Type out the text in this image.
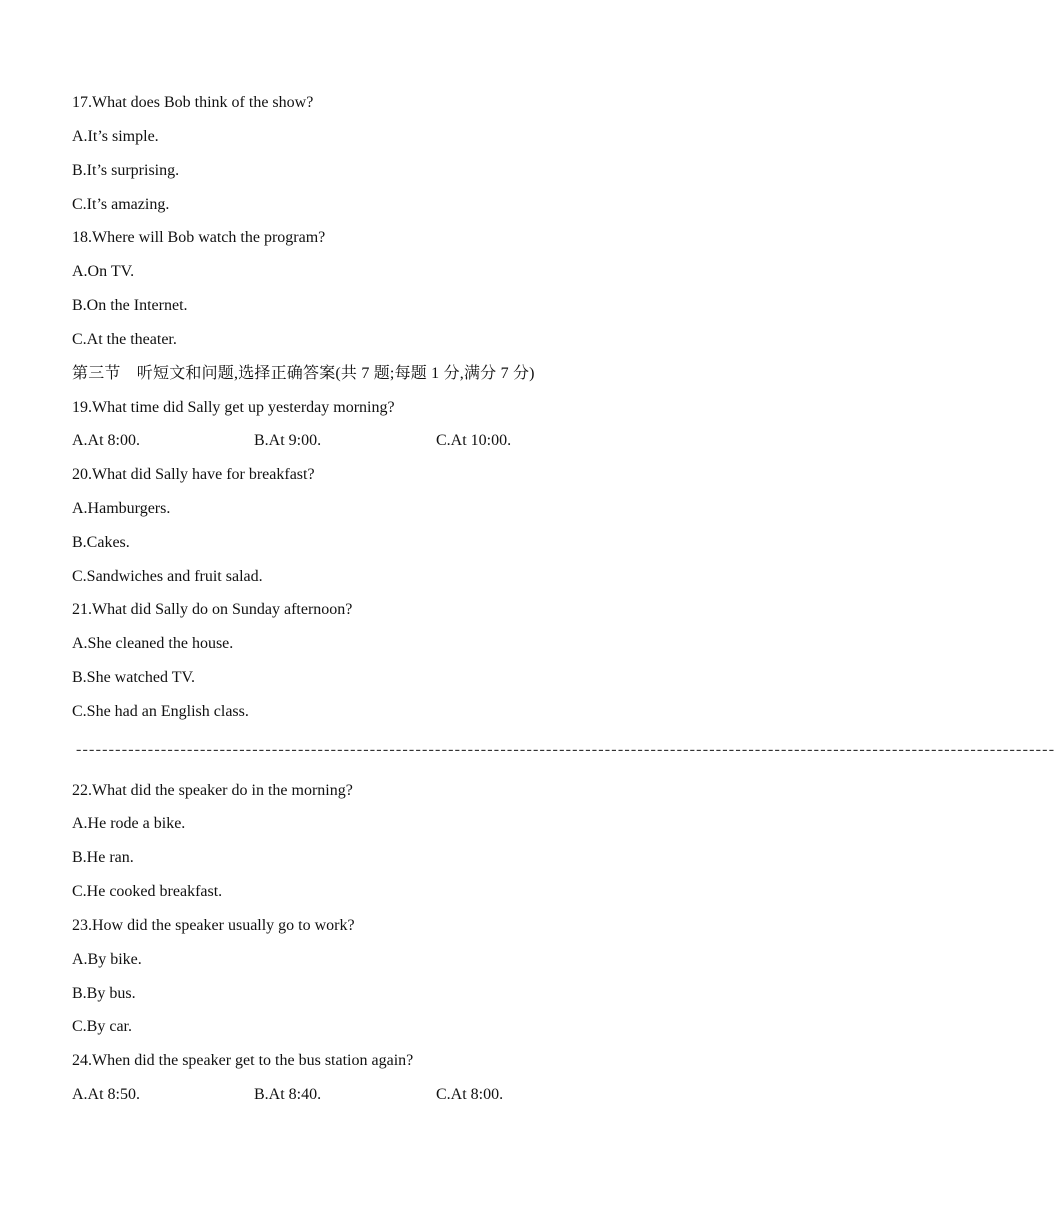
17.What does Bob think of the show?
A.It’s simple.
B.It’s surprising.
C.It’s amazing.
18.Where will Bob watch the program?
A.On TV.
B.On the Internet.
C.At the theater.
第三节　听短文和问题,选择正确答案(共 7 题;每题 1 分,满分 7 分)
19.What time did Sally get up yesterday morning?
A.At 8:00.	B.At 9:00.	C.At 10:00.
20.What did Sally have for breakfast?
A.Hamburgers.
B.Cakes.
C.Sandwiches and fruit salad.
21.What did Sally do on Sunday afternoon?
A.She cleaned the house.
B.She watched TV.
C.She had an English class.
------------------------------------------------------------------------------------------------------------------------------------------------------
22.What did the speaker do in the morning?
A.He rode a bike.
B.He ran.
C.He cooked breakfast.
23.How did the speaker usually go to work?
A.By bike.
B.By bus.
C.By car.
24.When did the speaker get to the bus station again?
A.At 8:50.	B.At 8:40.	C.At 8:00.
